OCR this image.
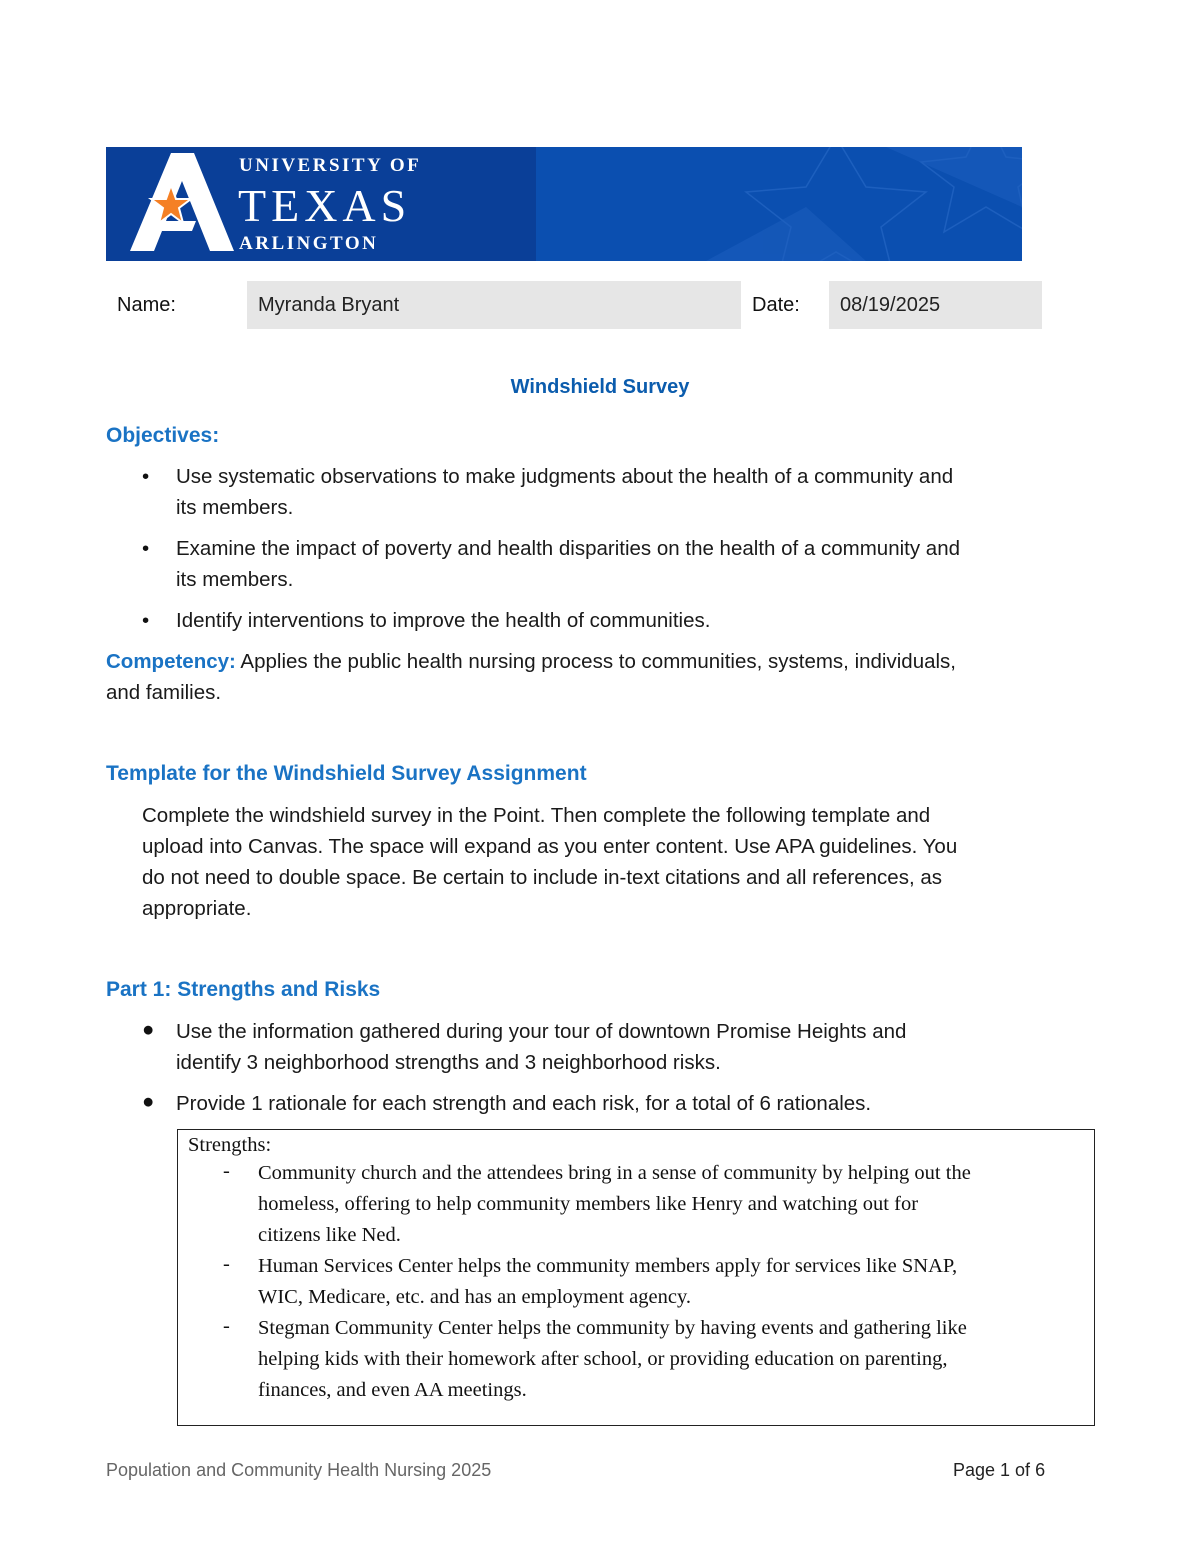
UNIVERSITY OF
TEXAS
ARLINGTON
Name:	Myranda Bryant	Date:	08/19/2025
Windshield Survey
Objectives:
• Use systematic observations to make judgments about the health of a community and
its members.

• Examine the impact of poverty and health disparities on the health of a community and
its members.

• Identify interventions to improve the health of communities.

Competency: Applies the public health nursing process to communities, systems, individuals,
and families.

Template for the Windshield Survey Assignment

Complete the windshield survey in the Point. Then complete the following template and
upload into Canvas. The space will expand as you enter content. Use APA guidelines. You
do not need to double space. Be certain to include in-text citations and all references, as
appropriate.

Part 1: Strengths and Risks
● Use the information gathered during your tour of downtown Promise Heights and
identify 3 neighborhood strengths and 3 neighborhood risks.

● Provide 1 rationale for each strength and each risk, for a total of 6 rationales.

Strengths:
- Community church and the attendees bring in a sense of community by helping out the
homeless, offering to help community members like Henry and watching out for
citizens like Ned.

- Human Services Center helps the community members apply for services like SNAP,
WIC, Medicare, etc. and has an employment agency.

- Stegman Community Center helps the community by having events and gathering like
helping kids with their homework after school, or providing education on parenting,
finances, and even AA meetings.

Population and Community Health Nursing 2025	Page 1 of 6
